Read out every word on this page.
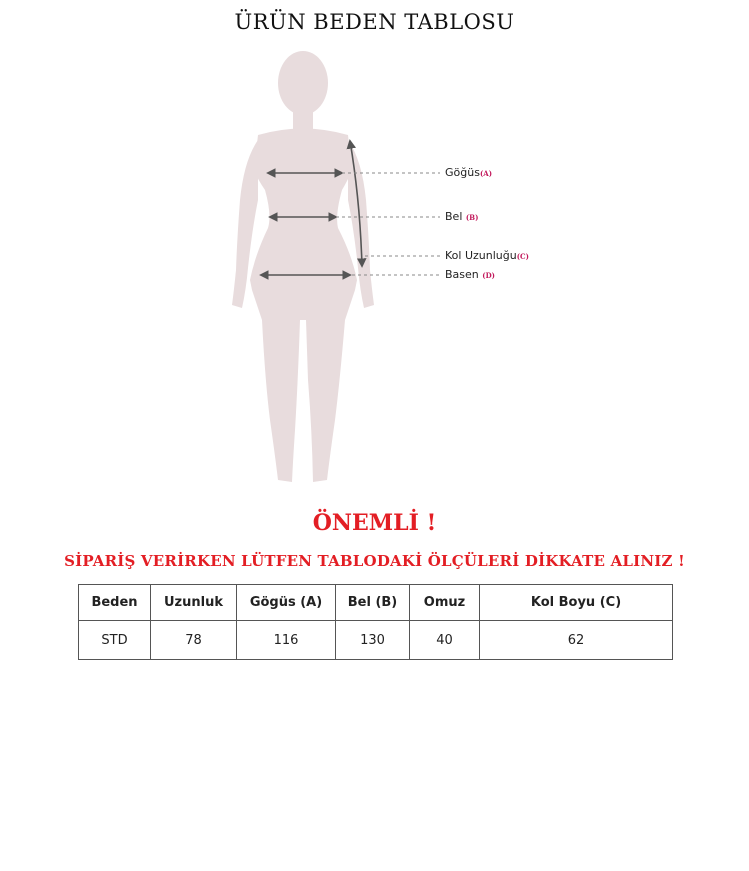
ÜRÜN BEDEN TABLOSU
Göğüs(A)
Bel (B)
Kol Uzunluğu(C)
Basen (D)
ÖNEMLİ !
SİPARİŞ VERİRKEN LÜTFEN TABLODAKİ ÖLÇÜLERİ DİKKATE ALINIZ !
Beden	Uzunluk	Gögüs (A)	Bel (B)	Omuz	Kol Boyu (C)
STD	78	116	130	40	62
